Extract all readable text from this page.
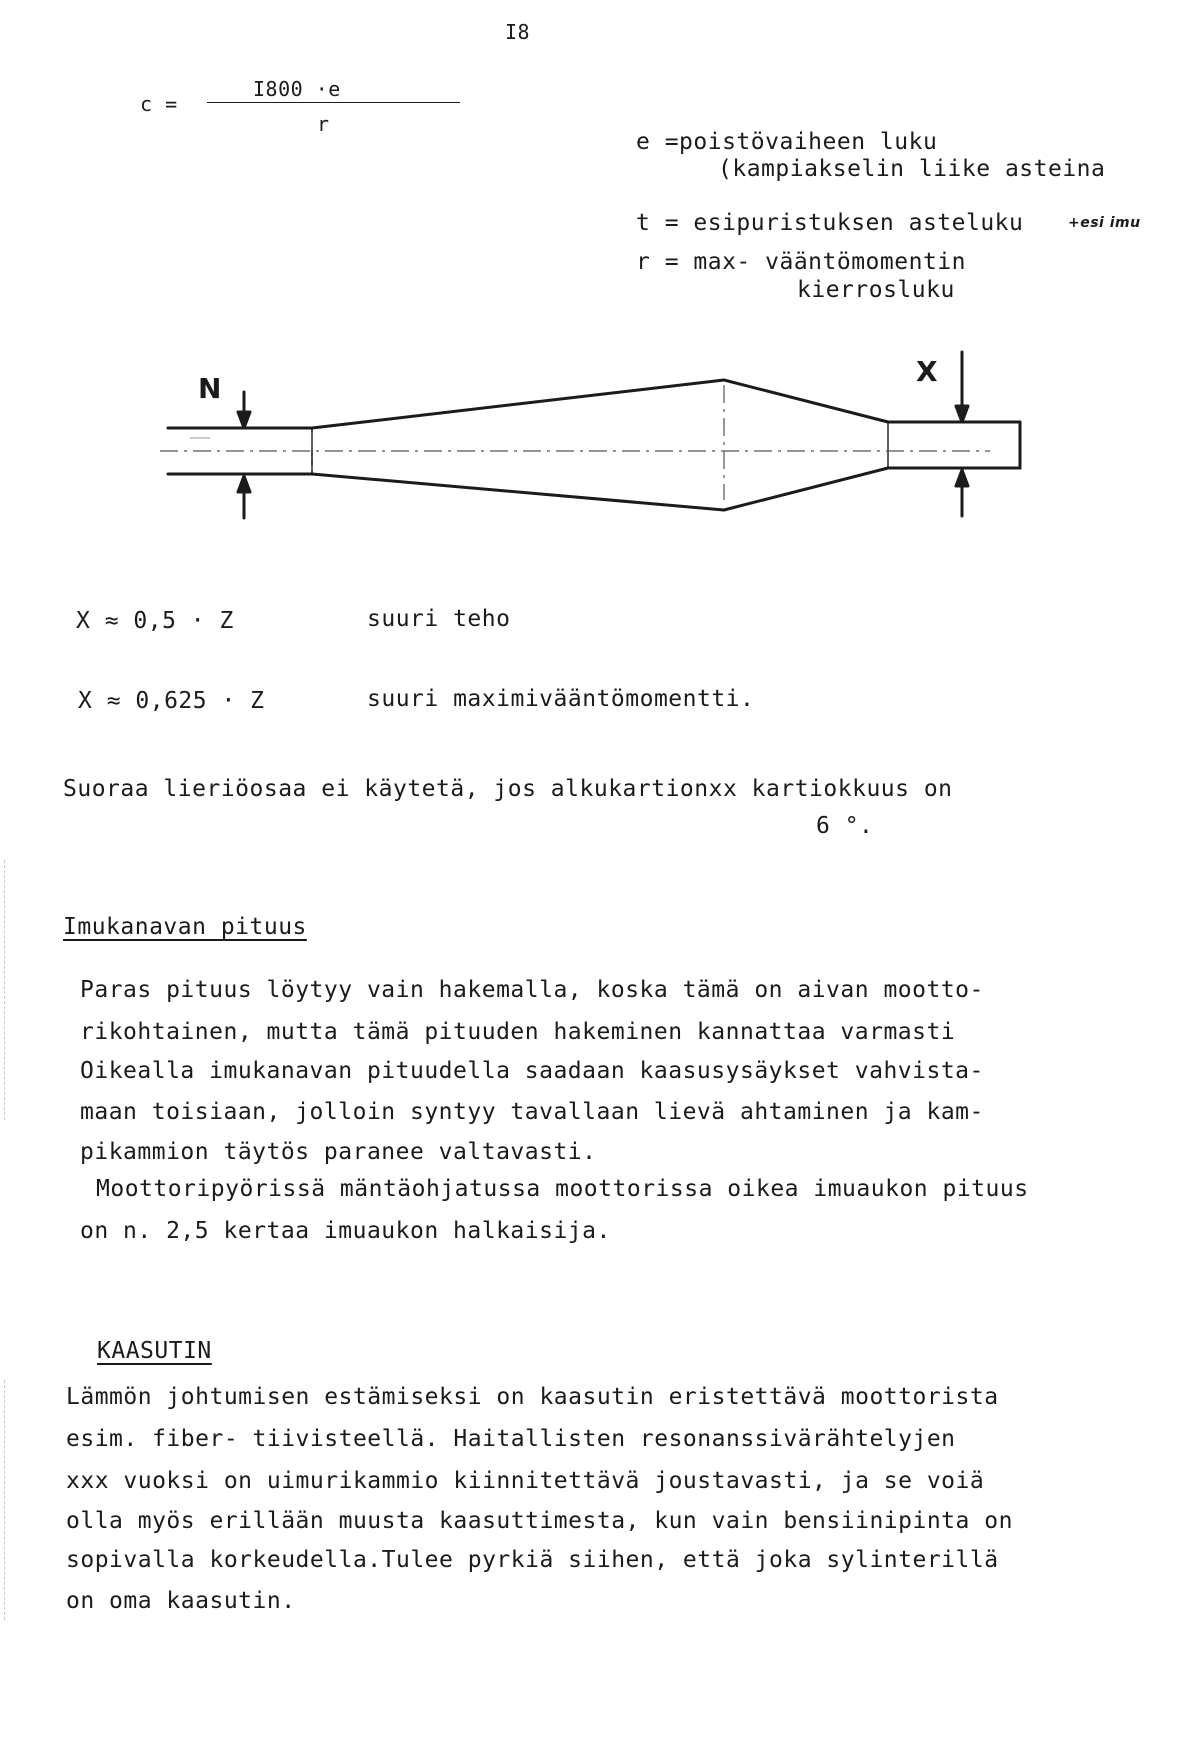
I8
c =
I800 ·e
r
e =poistövaiheen luku
(kampiakselin liike asteina
t = esipuristuksen asteluku	+esi imu
r = max- vääntömomentin
kierrosluku
N
X
X ≈ 0,5 · Z	suuri teho
X ≈ 0,625 · Z	suuri maximivääntömomentti.
Suoraa lieriöosaa ei käytetä, jos alkukartionxx kartiokkuus on
6 °.
Imukanavan pituus
Paras pituus löytyy vain hakemalla, koska tämä on aivan mootto-
rikohtainen, mutta tämä pituuden hakeminen kannattaa varmasti
Oikealla imukanavan pituudella saadaan kaasusysäykset vahvista-
maan toisiaan, jolloin syntyy tavallaan lievä ahtaminen ja kam-
pikammion täytös paranee valtavasti.
Moottoripyörissä mäntäohjatussa moottorissa oikea imuaukon pituus
on n. 2,5 kertaa imuaukon halkaisija.
KAASUTIN
Lämmön johtumisen estämiseksi on kaasutin eristettävä moottorista
esim. fiber- tiivisteellä. Haitallisten resonanssivärähtelyjen
xxx vuoksi on uimurikammio kiinnitettävä joustavasti, ja se voiä
olla myös erillään muusta kaasuttimesta, kun vain bensiinipinta on
sopivalla korkeudella.Tulee pyrkiä siihen, että joka sylinterillä
on oma kaasutin.
